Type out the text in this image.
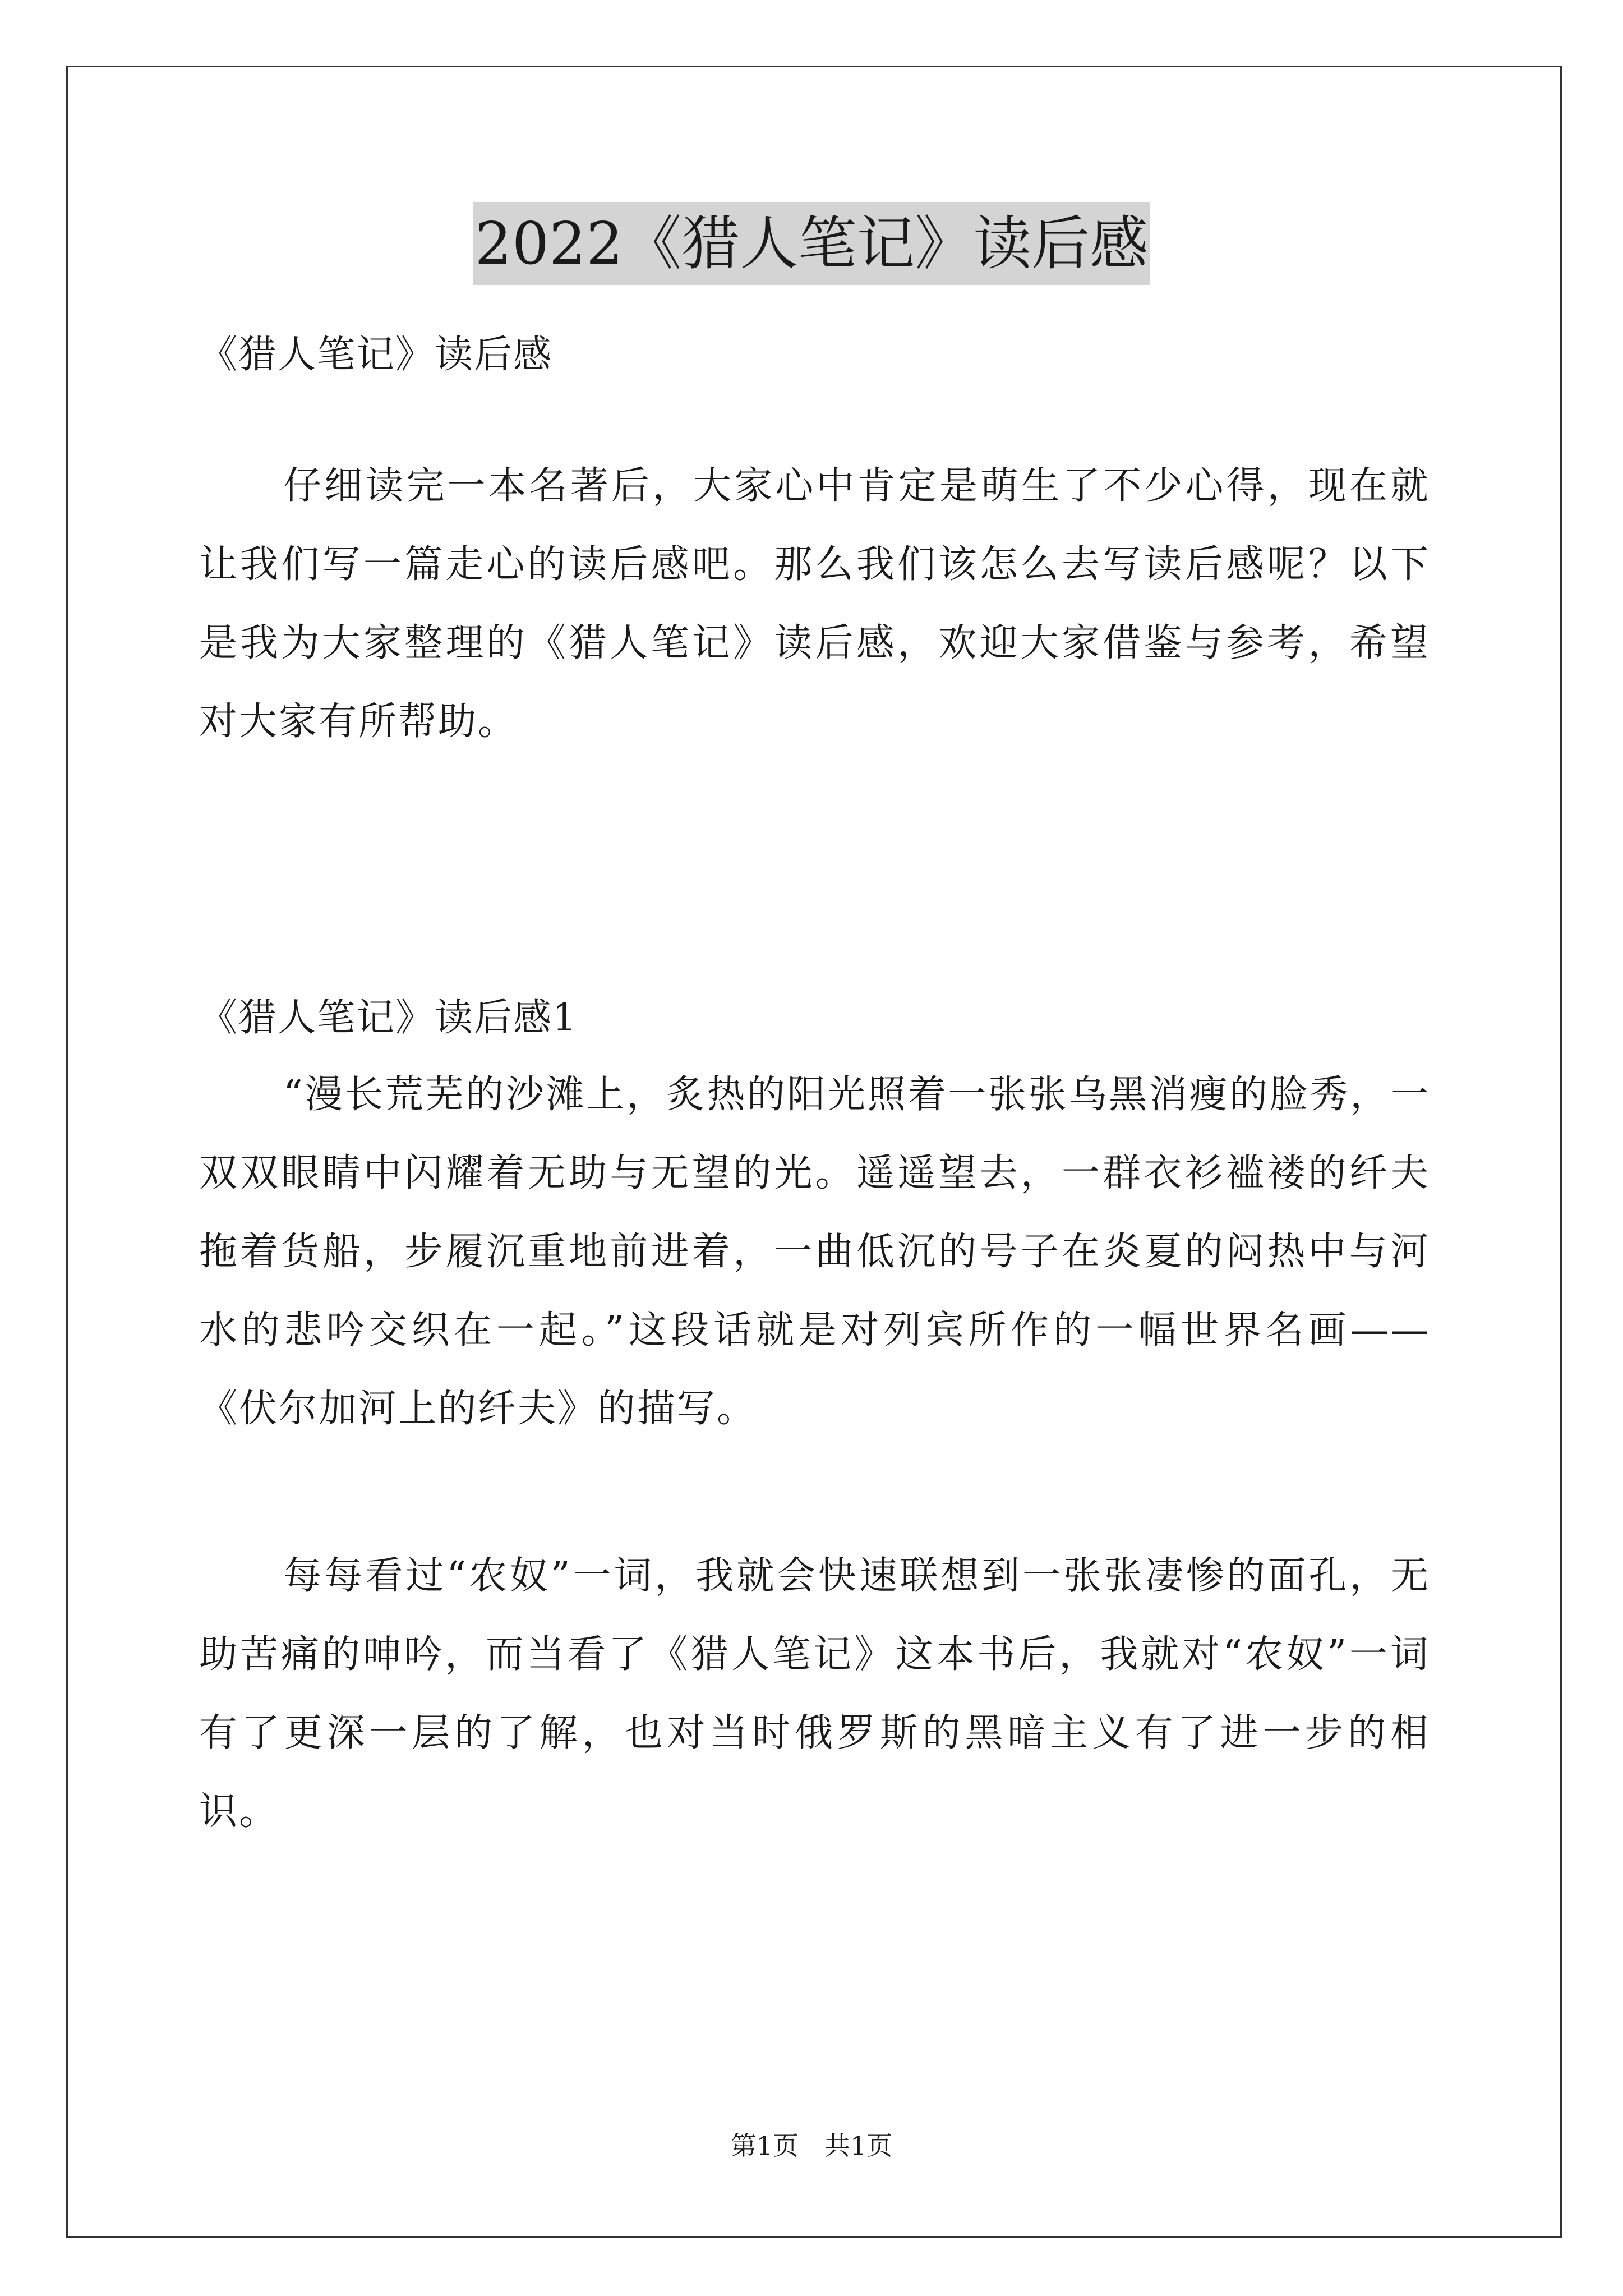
2022《猎人笔记》读后感

《猎人笔记》读后感

仔细读完一本名著后，大家心中肯定是萌生了不少心得，现在就让我们写一篇走心的读后感吧。那么我们该怎么去写读后感呢？以下是我为大家整理的《猎人笔记》读后感，欢迎大家借鉴与参考，希望对大家有所帮助。

《猎人笔记》读后感1

“漫长荒芜的沙滩上，炙热的阳光照着一张张乌黑消瘦的脸秀，一双双眼睛中闪耀着无助与无望的光。遥遥望去，一群衣衫褴褛的纤夫拖着货船，步履沉重地前进着，一曲低沉的号子在炎夏的闷热中与河水的悲吟交织在一起。”这段话就是对列宾所作的一幅世界名画——《伏尔加河上的纤夫》的描写。

每每看过“农奴”一词，我就会快速联想到一张张凄惨的面孔，无助苦痛的呻吟，而当看了《猎人笔记》这本书后，我就对“农奴”一词有了更深一层的了解，也对当时俄罗斯的黑暗主义有了进一步的相识。

第1页　共1页
